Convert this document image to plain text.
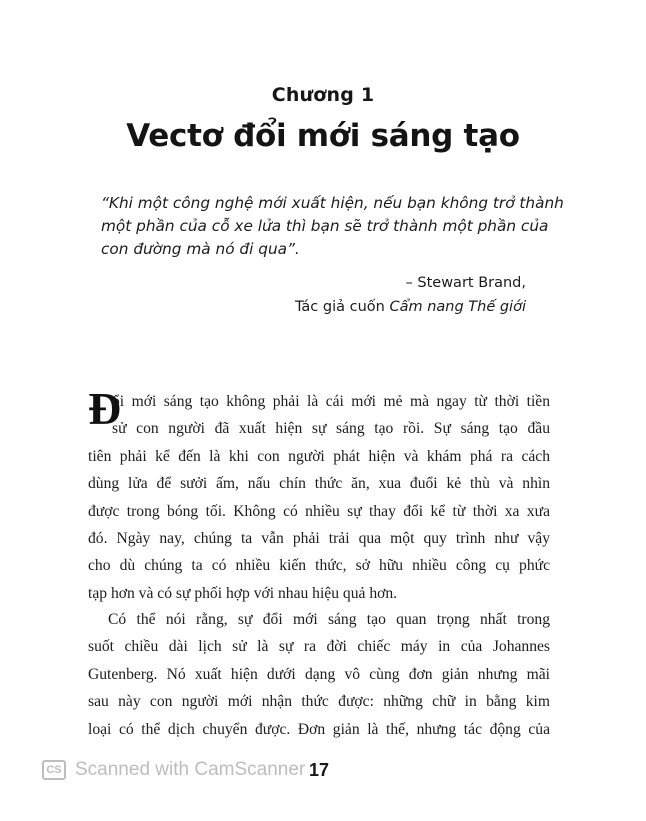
Chương 1
Vectơ đổi mới sáng tạo
“Khi một công nghệ mới xuất hiện, nếu bạn không trở thành
một phần của cỗ xe lửa thì bạn sẽ trở thành một phần của
con đường mà nó đi qua”.
– Stewart Brand,
Tác giả cuốn Cẩm nang Thế giới
Đ
ổi mới sáng tạo không phải là cái mới mẻ mà ngay từ thời tiền
sử con người đã xuất hiện sự sáng tạo rồi. Sự sáng tạo đầu
tiên phải kể đến là khi con người phát hiện và khám phá ra cách
dùng lửa để sưởi ấm, nấu chín thức ăn, xua đuổi kẻ thù và nhìn
được trong bóng tối. Không có nhiều sự thay đổi kể từ thời xa xưa
đó. Ngày nay, chúng ta vẫn phải trải qua một quy trình như vậy
cho dù chúng ta có nhiều kiến thức, sở hữu nhiều công cụ phức
tạp hơn và có sự phối hợp với nhau hiệu quả hơn.
Có thể nói rằng, sự đổi mới sáng tạo quan trọng nhất trong
suốt chiều dài lịch sử là sự ra đời chiếc máy in của Johannes
Gutenberg. Nó xuất hiện dưới dạng vô cùng đơn giản nhưng mãi
sau này con người mới nhận thức được: những chữ in bằng kim
loại có thể dịch chuyển được. Đơn giản là thế, nhưng tác động của
CS Scanned with CamScanner 17
